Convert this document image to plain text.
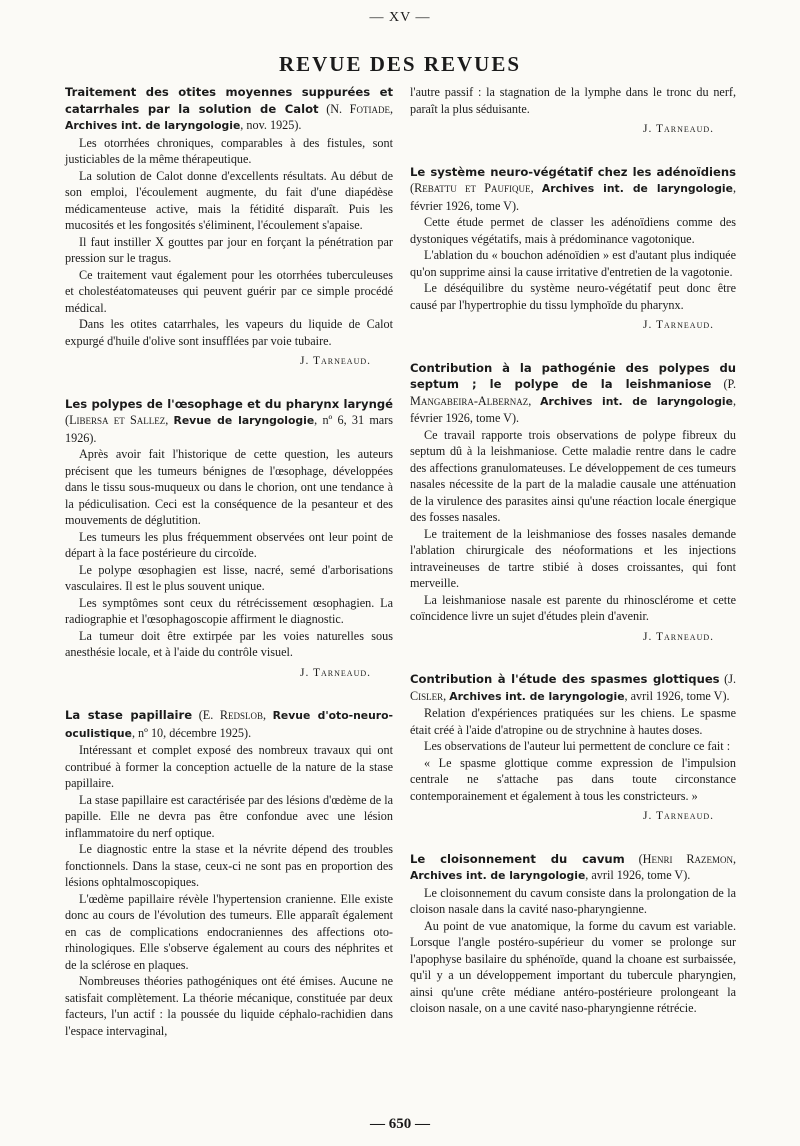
— XV —
REVUE DES REVUES

Traitement des otites moyennes suppurées et catarrhales par la solution de Calot (N. Fotiade, Archives int. de laryngologie, nov. 1925).

Les otorrhées chroniques, comparables à des fistules, sont justiciables de la même thérapeutique.

La solution de Calot donne d'excellents résultats. Au début de son emploi, l'écoulement augmente, du fait d'une diapédèse médicamenteuse active, mais la fétidité disparaît. Puis les mucosités et les fongosités s'éliminent, l'écoulement s'apaise.

Il faut instiller X gouttes par jour en forçant la pénétration par pression sur le tragus.

Ce traitement vaut également pour les otorrhées tuberculeuses et cholestéatomateuses qui peuvent guérir par ce simple procédé médical.

Dans les otites catarrhales, les vapeurs du liquide de Calot expurgé d'huile d'olive sont insufflées par voie tubaire.

J. Tarneaud.

Les polypes de l'œsophage et du pharynx laryngé (Libersa et Sallez, Revue de laryngologie, nº 6, 31 mars 1926).

Après avoir fait l'historique de cette question, les auteurs précisent que les tumeurs bénignes de l'œsophage, développées dans le tissu sous-muqueux ou dans le chorion, ont une tendance à la pédiculisation. Ceci est la conséquence de la pesanteur et des mouvements de déglutition.

Les tumeurs les plus fréquemment observées ont leur point de départ à la face postérieure du circoïde.

Le polype œsophagien est lisse, nacré, semé d'arborisations vasculaires. Il est le plus souvent unique.

Les symptômes sont ceux du rétrécissement œsophagien. La radiographie et l'œsophagoscopie affirment le diagnostic.

La tumeur doit être extirpée par les voies naturelles sous anesthésie locale, et à l'aide du contrôle visuel.

J. Tarneaud.

La stase papillaire (E. Redslob, Revue d'oto-neuro-oculistique, nº 10, décembre 1925).

Intéressant et complet exposé des nombreux travaux qui ont contribué à former la conception actuelle de la nature de la stase papillaire.

La stase papillaire est caractérisée par des lésions d'œdème de la papille. Elle ne devra pas être confondue avec une lésion inflammatoire du nerf optique.

Le diagnostic entre la stase et la névrite dépend des troubles fonctionnels. Dans la stase, ceux-ci ne sont pas en proportion des lésions ophtalmoscopiques.

L'œdème papillaire révèle l'hypertension cranienne. Elle existe donc au cours de l'évolution des tumeurs. Elle apparaît également en cas de complications endocraniennes des affections oto-rhinologiques. Elle s'observe également au cours des néphrites et de la sclérose en plaques.

Nombreuses théories pathogéniques ont été émises. Aucune ne satisfait complètement. La théorie mécanique, constituée par deux facteurs, l'un actif : la poussée du liquide céphalo-rachidien dans l'espace intervaginal,

l'autre passif : la stagnation de la lymphe dans le tronc du nerf, paraît la plus séduisante.

J. Tarneaud.

Le système neuro-végétatif chez les adénoïdiens (Rebattu et Paufique, Archives int. de laryngologie, février 1926, tome V).

Cette étude permet de classer les adénoïdiens comme des dystoniques végétatifs, mais à prédominance vagotonique.

L'ablation du « bouchon adénoïdien » est d'autant plus indiquée qu'on supprime ainsi la cause irritative d'entretien de la vagotonie.

Le déséquilibre du système neuro-végétatif peut donc être causé par l'hypertrophie du tissu lymphoïde du pharynx.

J. Tarneaud.

Contribution à la pathogénie des polypes du septum ; le polype de la leishmaniose (P. Mangabeira-Albernaz, Archives int. de laryngologie, février 1926, tome V).

Ce travail rapporte trois observations de polype fibreux du septum dû à la leishmaniose. Cette maladie rentre dans le cadre des affections granulomateuses. Le développement de ces tumeurs nasales nécessite de la part de la maladie causale une atténuation de la virulence des parasites ainsi qu'une réaction locale énergique des fosses nasales.

Le traitement de la leishmaniose des fosses nasales demande l'ablation chirurgicale des néoformations et les injections intraveineuses de tartre stibié à doses croissantes, qui font merveille.

La leishmaniose nasale est parente du rhinosclérome et cette coïncidence livre un sujet d'études plein d'avenir.

J. Tarneaud.

Contribution à l'étude des spasmes glottiques (J. Cisler, Archives int. de laryngologie, avril 1926, tome V).

Relation d'expériences pratiquées sur les chiens. Le spasme était créé à l'aide d'atropine ou de strychnine à hautes doses.

Les observations de l'auteur lui permettent de conclure ce fait :

« Le spasme glottique comme expression de l'impulsion centrale ne s'attache pas dans toute circonstance contemporainement et également à tous les constricteurs. »

J. Tarneaud.

Le cloisonnement du cavum (Henri Razemon, Archives int. de laryngologie, avril 1926, tome V).

Le cloisonnement du cavum consiste dans la prolongation de la cloison nasale dans la cavité naso-pharyngienne.

Au point de vue anatomique, la forme du cavum est variable. Lorsque l'angle postéro-supérieur du vomer se prolonge sur l'apophyse basilaire du sphénoïde, quand la choane est surbaissée, qu'il y a un développement important du tubercule pharyngien, ainsi qu'une crête médiane antéro-postérieure prolongeant la cloison nasale, on a une cavité naso-pharyngienne rétrécie.

— 650 —
